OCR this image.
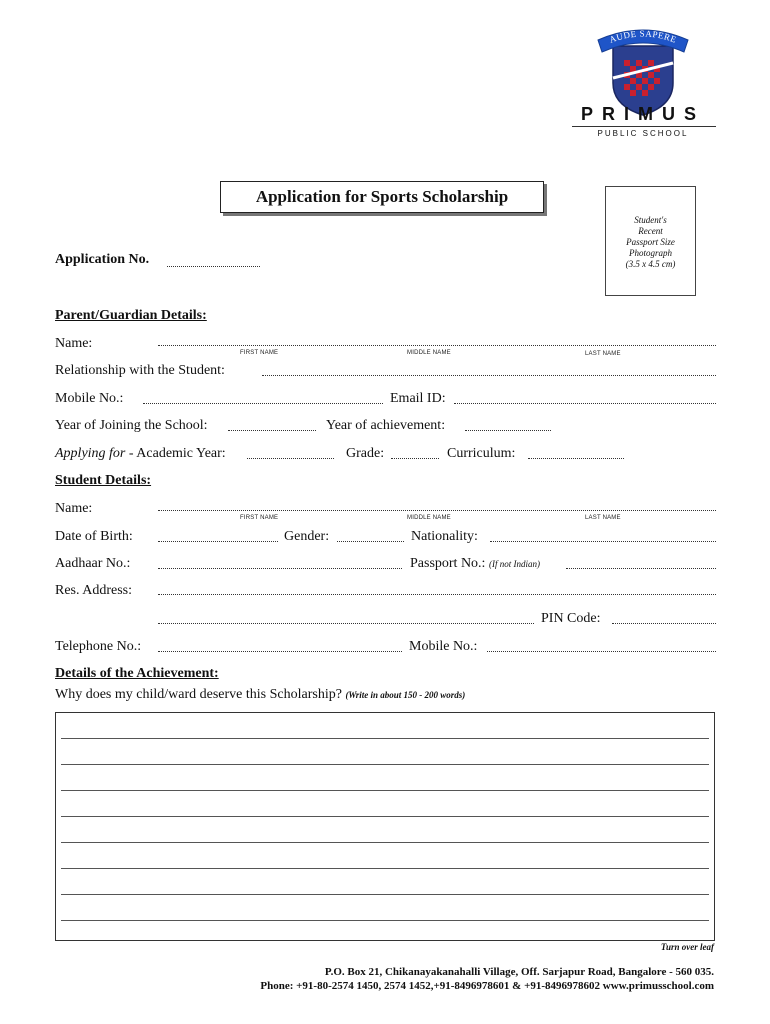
AUDE SAPERE
PRIMUS
PUBLIC SCHOOL
Application for Sports Scholarship
Student's
Recent
Passport Size
Photograph
(3.5 x 4.5 cm)
Application No.
Parent/Guardian Details:
Name:
FIRST NAME	MIDDLE NAME	LAST NAME
Relationship with the Student:
Mobile No.:	Email ID:
Year of Joining the School:	Year of achievement:
Applying for - Academic Year:	Grade:	Curriculum:
Student Details:
Name:
FIRST NAME	MIDDLE NAME	LAST NAME
Date of Birth:	Gender:	Nationality:
Aadhaar No.:	Passport No.: (If not Indian)
Res. Address:
PIN Code:
Telephone No.:	Mobile No.:
Details of the Achievement:
Why does my child/ward deserve this Scholarship? (Write in about 150 - 200 words)
Turn over leaf
P.O. Box 21, Chikanayakanahalli Village, Off. Sarjapur Road, Bangalore - 560 035.
Phone: +91-80-2574 1450, 2574 1452,+91-8496978601 & +91-8496978602 www.primusschool.com
